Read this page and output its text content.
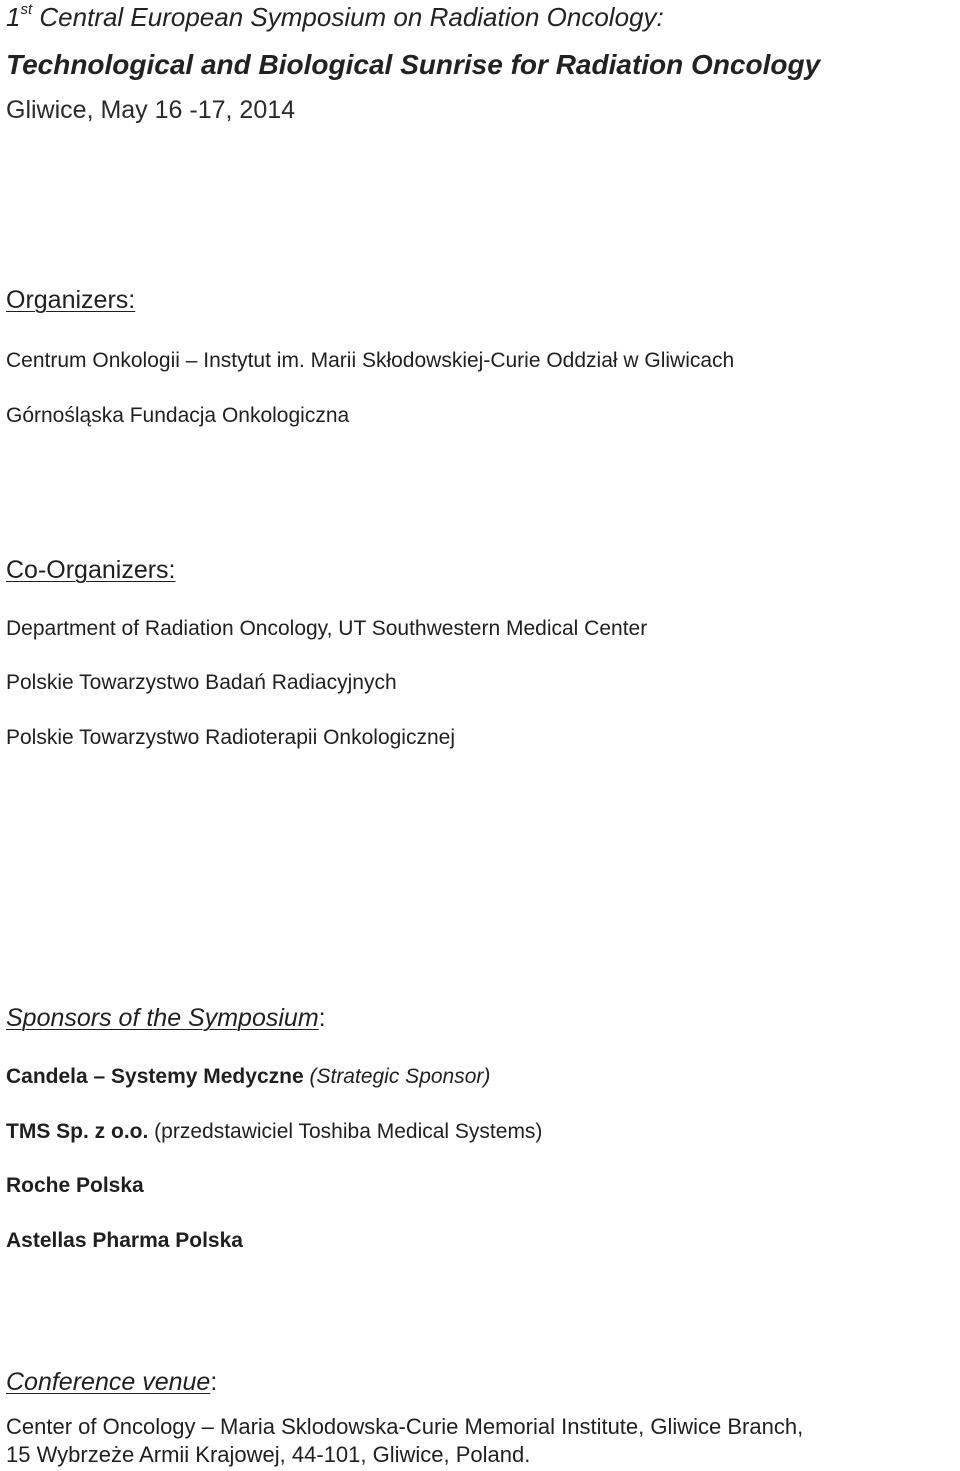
1st Central European Symposium on Radiation Oncology:

Technological and Biological Sunrise for Radiation Oncology

Gliwice, May 16 -17, 2014

Organizers:

Centrum Onkologii – Instytut im. Marii Skłodowskiej-Curie Oddział w Gliwicach

Górnośląska Fundacja Onkologiczna

Co-Organizers:

Department of Radiation Oncology, UT Southwestern Medical Center

Polskie Towarzystwo Badań Radiacyjnych

Polskie Towarzystwo Radioterapii Onkologicznej

Sponsors of the Symposium:

Candela – Systemy Medyczne (Strategic Sponsor)

TMS Sp. z o.o. (przedstawiciel Toshiba Medical Systems)

Roche Polska

Astellas Pharma Polska

Conference venue:

Center of Oncology – Maria Sklodowska-Curie Memorial Institute, Gliwice Branch,

15 Wybrzeże Armii Krajowej, 44-101, Gliwice, Poland.
